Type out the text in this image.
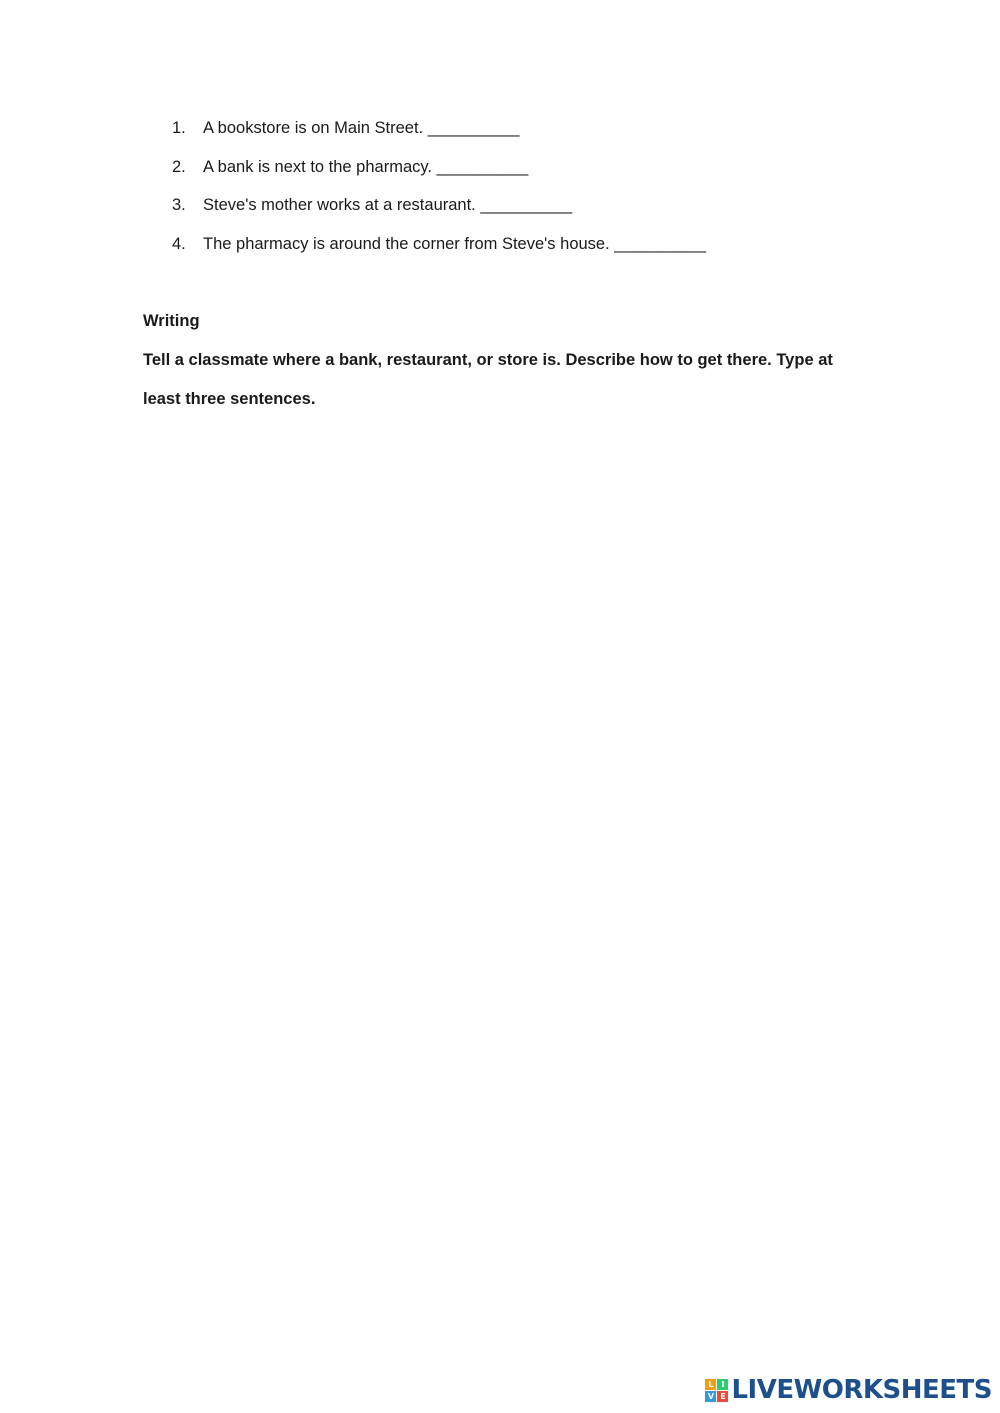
1. A bookstore is on Main Street. __________
2. A bank is next to the pharmacy. __________
3. Steve's mother works at a restaurant. __________
4. The pharmacy is around the corner from Steve's house. __________
Writing
Tell a classmate where a bank, restaurant, or store is. Describe how to get there. Type at least three sentences.
L I
V E LIVEWORKSHEETS
